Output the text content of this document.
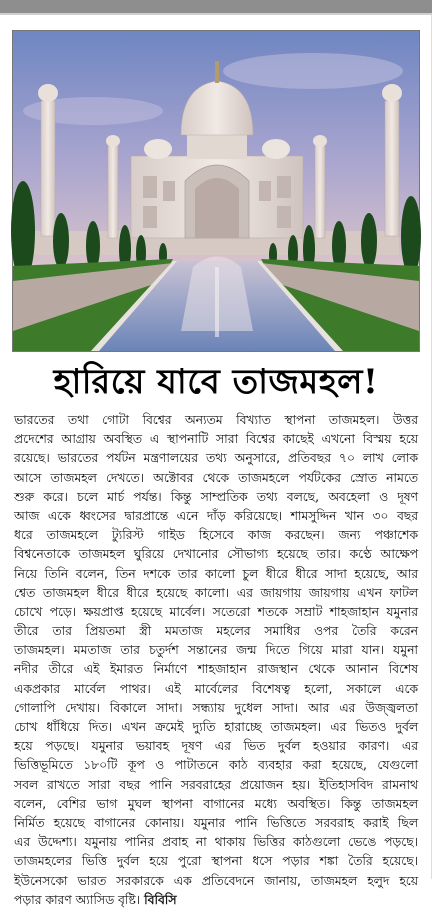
হারিয়ে যাবে তাজমহল!
ভারতের তথা গোটা বিশ্বের অন্যতম বিখ্যাত স্থাপনা তাজমহল। উত্তর
প্রদেশের আগ্রায় অবস্থিত এ স্থাপনাটি সারা বিশ্বের কাছেই এখনো বিস্ময় হয়ে
রয়েছে। ভারতের পর্যটন মন্ত্রণালয়ের তথ্য অনুসারে, প্রতিবছর ৭০ লাখ লোক
আসে তাজমহল দেখতে। অক্টোবর থেকে তাজমহলে পর্যটকের স্রোত নামতে
শুরু করে। চলে মার্চ পর্যন্ত। কিন্তু সাম্প্রতিক তথ্য বলছে, অবহেলা ও দূষণ
আজ একে ধ্বংসের দ্বারপ্রান্তে এনে দাঁড় করিয়েছে। শামসুদ্দিন খান ৩০ বছর
ধরে তাজমহলে ট্যুরিস্ট গাইড হিসেবে কাজ করছেন। জন্য পঞ্চাশেক
বিশ্বনেতাকে তাজমহল ঘুরিয়ে দেখানোর সৌভাগ্য হয়েছে তার। কণ্ঠে আক্ষেপ
নিয়ে তিনি বলেন, তিন দশকে তার কালো চুল ধীরে ধীরে সাদা হয়েছে, আর
শ্বেত তাজমহল ধীরে ধীরে হয়েছে কালো। এর জায়গায় জায়গায় এখন ফাটল
চোখে পড়ে। ক্ষয়প্রাপ্ত হয়েছে মার্বেল। সতেরো শতকে সম্রাট শাহজাহান যমুনার
তীরে তার প্রিয়তমা স্ত্রী মমতাজ মহলের সমাধির ওপর তৈরি করেন
তাজমহল। মমতাজ তার চতুর্দশ সন্তানের জন্ম দিতে গিয়ে মারা যান। যমুনা
নদীর তীরে এই ইমারত নির্মাণে শাহজাহান রাজস্থান থেকে আনান বিশেষ
একপ্রকার মার্বেল পাথর। এই মার্বেলের বিশেষত্ব হলো, সকালে একে
গোলাপি দেখায়। বিকালে সাদা। সন্ধ্যায় দুধেল সাদা। আর এর উজ্জ্বলতা
চোখ ধাঁধিয়ে দিত। এখন ক্রমেই দ্যুতি হারাচ্ছে তাজমহল। এর ভিতও দুর্বল
হয়ে পড়ছে। যমুনার ভয়াবহ দূষণ এর ভিত দুর্বল হওয়ার কারণ। এর
ভিত্তিভূমিতে ১৮০টি কূপ ও পাটাতনে কাঠ ব্যবহার করা হয়েছে, যেগুলো
সবল রাখতে সারা বছর পানি সরবরাহের প্রয়োজন হয়। ইতিহাসবিদ রামনাথ
বলেন, বেশির ভাগ মুঘল স্থাপনা বাগানের মধ্যে অবস্থিত। কিন্তু তাজমহল
নির্মিত হয়েছে বাগানের কোনায়। যমুনার পানি ভিত্তিতে সরবরাহ করাই ছিল
এর উদ্দেশ্য। যমুনায় পানির প্রবাহ না থাকায় ভিত্তির কাঠগুলো ভেঙে পড়ছে।
তাজমহলের ভিত্তি দুর্বল হয়ে পুরো স্থাপনা ধসে পড়ার শঙ্কা তৈরি হয়েছে।
ইউনেসকো ভারত সরকারকে এক প্রতিবেদনে জানায়, তাজমহল হলুদ হয়ে
পড়ার কারণ অ্যাসিড বৃষ্টি। বিবিসি
